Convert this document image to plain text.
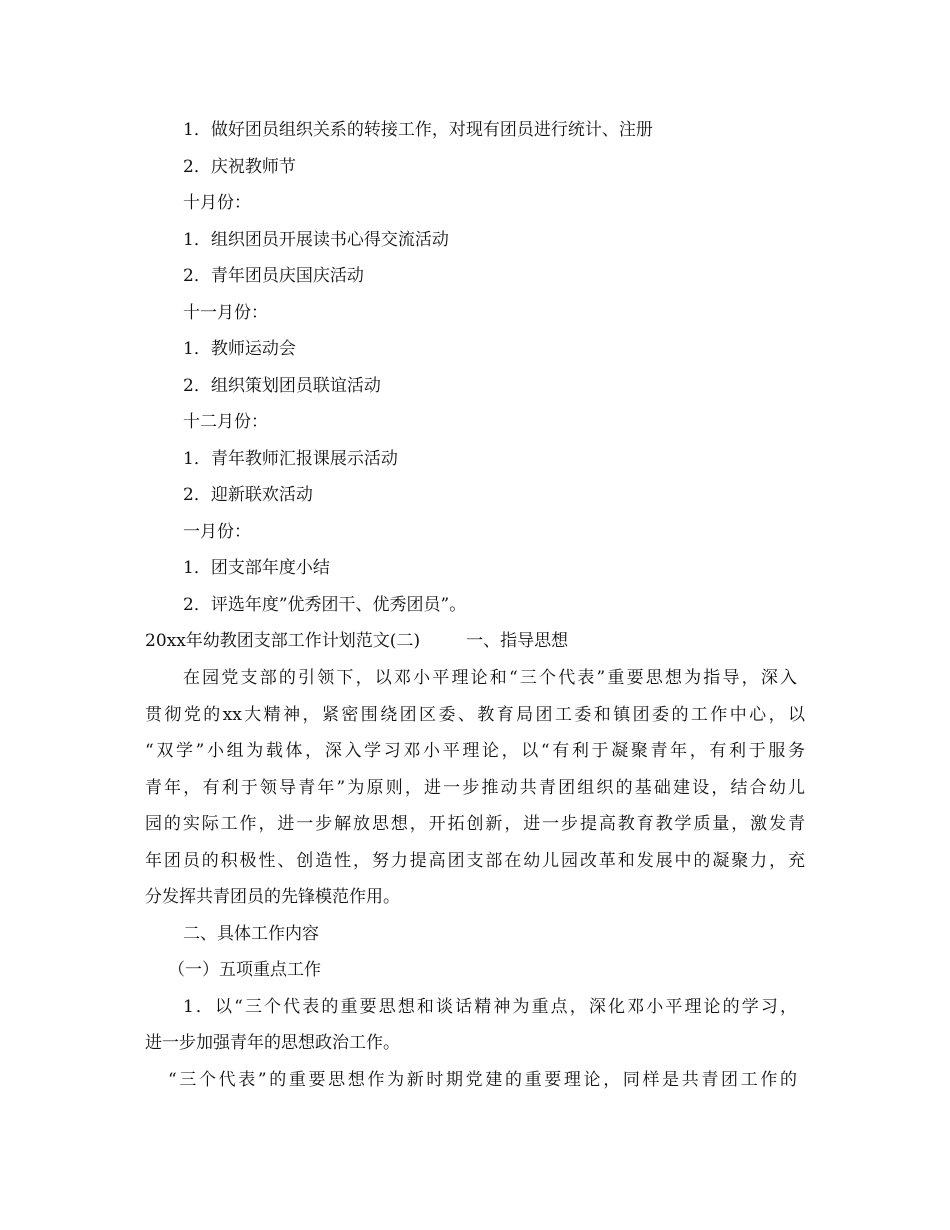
1．做好团员组织关系的转接工作，对现有团员进行统计、注册
2．庆祝教师节
十月份：
1．组织团员开展读书心得交流活动
2．青年团员庆国庆活动
十一月份：
1．教师运动会
2．组织策划团员联谊活动
十二月份：
1．青年教师汇报课展示活动
2．迎新联欢活动
一月份：
1．团支部年度小结
2．评选年度”优秀团干、优秀团员”。
20xx年幼教团支部工作计划范文(二)	一、指导思想
在园党支部的引领下，以邓小平理论和“三个代表”重要思想为指导，深入
贯彻党的xx大精神，紧密围绕团区委、教育局团工委和镇团委的工作中心，以
“双学”小组为载体，深入学习邓小平理论，以“有利于凝聚青年，有利于服务
青年，有利于领导青年”为原则，进一步推动共青团组织的基础建设，结合幼儿
园的实际工作，进一步解放思想，开拓创新，进一步提高教育教学质量，激发青
年团员的积极性、创造性，努力提高团支部在幼儿园改革和发展中的凝聚力，充
分发挥共青团员的先锋模范作用。
二、具体工作内容
（一）五项重点工作
1．以“三个代表的重要思想和谈话精神为重点，深化邓小平理论的学习，
进一步加强青年的思想政治工作。
“三个代表”的重要思想作为新时期党建的重要理论，同样是共青团工作的
